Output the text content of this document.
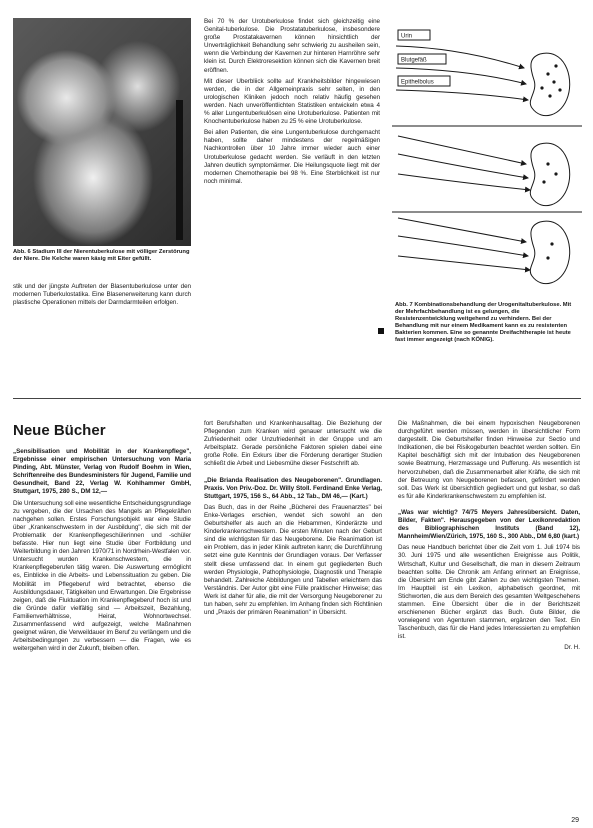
Abb. 6 Stadium III der Nierentuberkulose mit völliger Zerstörung der Niere. Die Kelche waren käsig mit Eiter gefüllt.
stik und der jüngste Auftreten der Blasentuberkulose unter den modernen Tuberkulostatika. Eine Blasenerweiterung kann durch plastische Operationen mittels der Darmdarmteilen erfolgen.

Bei 70 % der Urotuberkulose findet sich gleichzeitig eine Genital-tuberkulose. Die Prostatatuberkulose, insbesondere große Prostatakavernen können hinsichtlich der Unverträglichkeit Behandlung sehr schwierig zu ausheilen sein, wenn die Verbindung der Kavernen zur hinteren Harnröhre sehr klein ist. Durch Elektroresektion können sich die Kavernen breit eröffnen.

Mit dieser Uberbliick sollte auf Krankheitsbilder hingewiesen werden, die in der Allgemeinpraxis sehr selten, in den urologischen Kliniken jedoch noch relativ häufig gesehen werden. Nach unveröffentlichten Statistiken entwickeln etwa 4 % aller Lungentuberkulösen eine Urotuberkulose. Patienten mit Knochentuberkulose haben zu 25 % eine Urotuberkulose.

Bei allen Patienten, die eine Lungentuberkulose durchgemacht haben, sollte daher mindestens der regelmäßigen Nachkontrollen über 10 Jahre immer wieder auch einer Urotuberkulose gedacht werden. Sie verläuft in den letzten Jahren deutlich symptomärmer. Die Heilungsquote liegt mit der modernen Chemotherapie bei 98 %. Eine Sterblichkeit ist nur noch minimal.

Urin
Blutgefäß
Epithelbolus
Abb. 7 Kombinationsbehandlung der Urogenitaltuberkulose. Mit der Mehrfachbehandlung ist es gelungen, die Resistenzentwicklung weitgehend zu verhindern. Bei der Behandlung mit nur einem Medikament kann es zu resistenten Bakterien kommen. Eine so genannte Dreifachtherapie ist heute fast immer angezeigt (nach KÖNIG).
Neue Bücher

„Sensibilisation und Mobilität in der Krankenpflege", Ergebnisse einer empirischen Untersuchung von Maria Pinding, Abt. Münster, Verlag von Rudolf Boehm in Wien, Schriftenreihe des Bundesministers für Jugend, Familie und Gesundheit, Band 22, Verlag W. Kohlhammer GmbH, Stuttgart, 1975, 280 S., DM 12,—

Die Untersuchung soll eine wesentliche Entscheidungsgrundlage zu vergeben, die der Ursachen des Mangels an Pflegekräften nachgehen sollen. Erstes Forschungsobjekt war eine Studie über „Krankenschwestern in der Ausbildung", die sich mit der Problematik der Krankenpflegeschülerinnen und -schüler befasste. Hier nun liegt eine Studie über Fortbildung und Weiterbildung in den Jahren 1970/71 in Nordrhein-Westfalen vor. Untersucht wurden Krankenschwestern, die in Krankenpflegeberufen tätig waren. Die Auswertung ermöglicht es, Einblicke in die Arbeits- und Lebenssituation zu geben. Die Mobilität im Pflegeberuf wird betrachtet, ebenso die Ausbildungsdauer, Tätigkeiten und Erwartungen. Die Ergebnisse zeigen, daß die Fluktuation im Krankenpflegeberuf hoch ist und die Gründe dafür vielfältig sind — Arbeitszeit, Bezahlung, Familienverhältnisse, Heirat, Wohnortwechsel. Zusammenfassend wird aufgezeigt, welche Maßnahmen geeignet wären, die Verweildauer im Beruf zu verlängern und die Arbeitsbedingungen zu verbessern — die Fragen, wie es weitergehen wird in der Zukunft, bleiben offen.

fort Berufshaften und Krankenhausalltag. Die Beziehung der Pflegenden zum Kranken wird genauer untersucht wie die Zufriedenheit oder Unzufriedenheit in der Gruppe und am Arbeitsplatz. Gerade persönliche Faktoren spielen dabei eine große Rolle. Ein Exkurs über die Förderung derartiger Studien schließt die Arbeit und Liebesmühe dieser Festschrift ab.

„Die Brianda Realisation des Neugeborenen". Grundlagen. Praxis. Von Priv.-Doz. Dr. Willy Stoll. Ferdinand Enke Verlag, Stuttgart, 1975, 156 S., 64 Abb., 12 Tab., DM 46,— (Kart.)

Das Buch, das in der Reihe „Bücherei des Frauenarztes" bei Enke-Verlages erschien, wendet sich sowohl an den Geburtshelfer als auch an die Hebammen, Kinderärzte und Kinderkrankenschwestern. Die ersten Minuten nach der Geburt sind die wichtigsten für das Neugeborene. Die Reanimation ist ein Problem, das in jeder Klinik auftreten kann; die Durchführung setzt eine gute Kenntnis der Grundlagen voraus. Der Verfasser stellt diese umfassend dar. In einem gut gegliederten Buch werden Physiologie, Pathophysiologie, Diagnostik und Therapie behandelt. Zahlreiche Abbildungen und Tabellen erleichtern das Verständnis. Der Autor gibt eine Fülle praktischer Hinweise; das Werk ist daher für alle, die mit der Versorgung Neugeborener zu tun haben, sehr zu empfehlen. Im Anhang finden sich Richtlinien und „Praxis der primären Reanimation" in Übersicht.

Die Maßnahmen, die bei einem hypoxischen Neugeborenen durchgeführt werden müssen, werden in übersichtlicher Form dargestellt. Die Geburtshelfer finden Hinweise zur Sectio und Indikationen, die bei Risikogeburten beachtet werden sollten. Ein Kapitel beschäftigt sich mit der Intubation des Neugeborenen sowie Beatmung, Herzmassage und Pufferung. Als wesentlich ist hervorzuheben, daß die Zusammenarbeit aller Kräfte, die sich mit der Betreuung von Neugeborenen befassen, gefördert werden soll. Das Werk ist übersichtlich gegliedert und gut lesbar, so daß es für alle Kinderkrankenschwestern zu empfehlen ist.

„Was war wichtig? 74/75 Meyers Jahresübersicht. Daten, Bilder, Fakten". Herausgegeben von der Lexikonredaktion des Bibliographischen Instituts (Band 12), Mannheim/Wien/Zürich, 1975, 160 S., 300 Abb., DM 6,80 (kart.)

Das neue Handbuch berichtet über die Zeit vom 1. Juli 1974 bis 30. Juni 1975 und alle wesentlichen Ereignisse aus Politik, Wirtschaft, Kultur und Gesellschaft, die man in diesem Zeitraum beachten sollte. Die Chronik am Anfang erinnert an Ereignisse, die Übersicht am Ende gibt Zahlen zu den wichtigsten Themen. Im Hauptteil ist ein Lexikon, alphabetisch geordnet, mit Stichworten, die aus dem Bereich des gesamten Weltgeschehens stammen. Eine Übersicht über die in der Berichtszeit erschienenen Bücher ergänzt das Buch. Gute Bilder, die vorwiegend von Agenturen stammen, ergänzen den Text. Ein Taschenbuch, das für die Hand jedes Interessierten zu empfehlen ist.

Dr. H.

29
